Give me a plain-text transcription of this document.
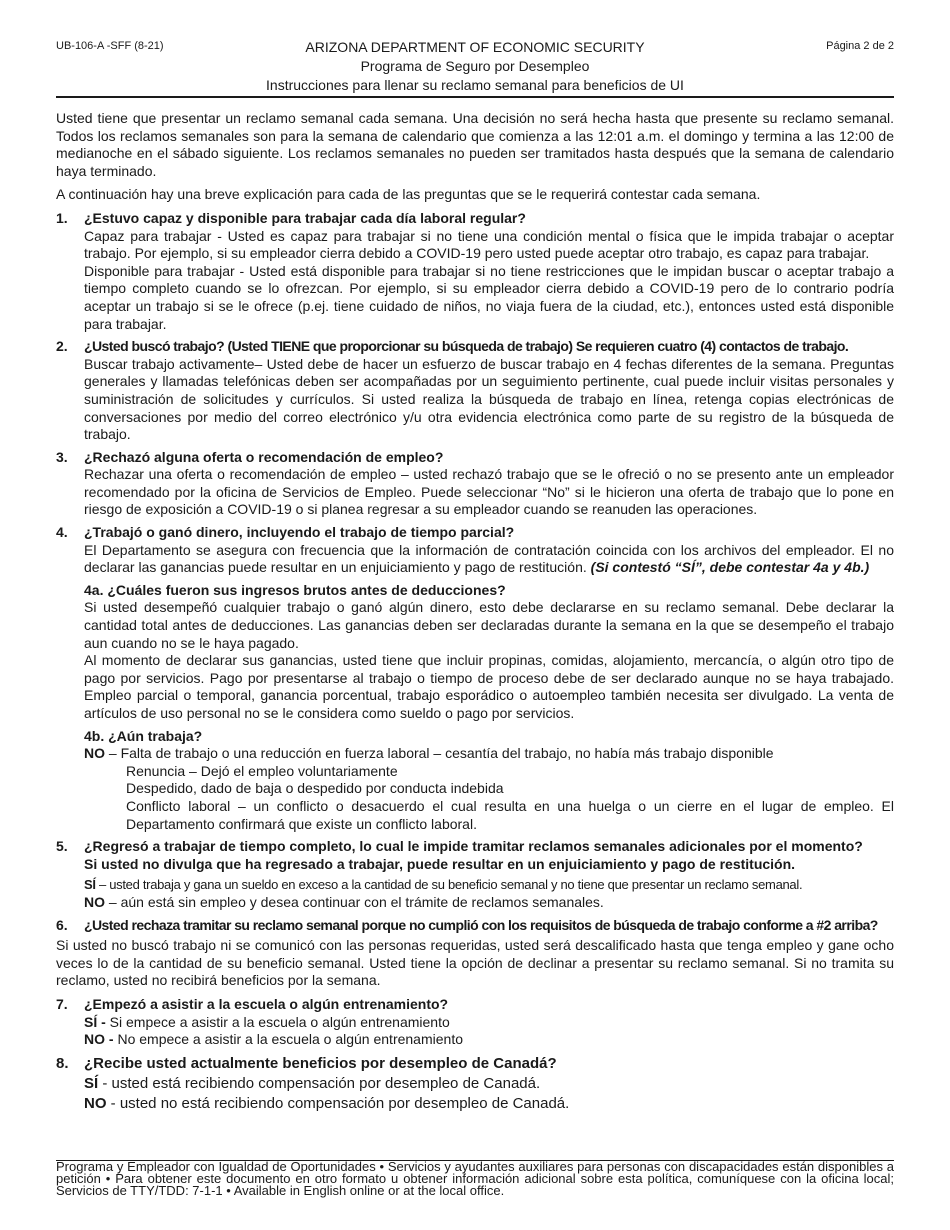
UB-106-A -SFF (8-21)	Página 2 de 2
ARIZONA DEPARTMENT OF ECONOMIC SECURITY
Programa de Seguro por Desempleo
Instrucciones para llenar su reclamo semanal para beneficios de UI

Usted tiene que presentar un reclamo semanal cada semana. Una decisión no será hecha hasta que presente su reclamo semanal. Todos los reclamos semanales son para la semana de calendario que comienza a las 12:01 a.m. el domingo y termina a las 12:00 de medianoche en el sábado siguiente. Los reclamos semanales no pueden ser tramitados hasta después que la semana de calendario haya terminado.

A continuación hay una breve explicación para cada de las preguntas que se le requerirá contestar cada semana.

1. ¿Estuvo capaz y disponible para trabajar cada día laboral regular?

Capaz para trabajar - Usted es capaz para trabajar si no tiene una condición mental o física que le impida trabajar o aceptar trabajo. Por ejemplo, si su empleador cierra debido a COVID-19 pero usted puede aceptar otro trabajo, es capaz para trabajar.

Disponible para trabajar - Usted está disponible para trabajar si no tiene restricciones que le impidan buscar o aceptar trabajo a tiempo completo cuando se lo ofrezcan. Por ejemplo, si su empleador cierra debido a COVID-19 pero de lo contrario podría aceptar un trabajo si se le ofrece (p.ej. tiene cuidado de niños, no viaja fuera de la ciudad, etc.), entonces usted está disponible para trabajar.

2. ¿Usted buscó trabajo? (Usted TIENE que proporcionar su búsqueda de trabajo) Se requieren cuatro (4) contactos de trabajo.

Buscar trabajo activamente– Usted debe de hacer un esfuerzo de buscar trabajo en 4 fechas diferentes de la semana. Preguntas generales y llamadas telefónicas deben ser acompañadas por un seguimiento pertinente, cual puede incluir visitas personales y suministración de solicitudes y currículos. Si usted realiza la búsqueda de trabajo en línea, retenga copias electrónicas de conversaciones por medio del correo electrónico y/u otra evidencia electrónica como parte de su registro de la búsqueda de trabajo.

3. ¿Rechazó alguna oferta o recomendación de empleo?

Rechazar una oferta o recomendación de empleo – usted rechazó trabajo que se le ofreció o no se presento ante un empleador recomendado por la oficina de Servicios de Empleo. Puede seleccionar “No” si le hicieron una oferta de trabajo que lo pone en riesgo de exposición a COVID-19 o si planea regresar a su empleador cuando se reanuden las operaciones.

4. ¿Trabajó o ganó dinero, incluyendo el trabajo de tiempo parcial?

El Departamento se asegura con frecuencia que la información de contratación coincida con los archivos del empleador. El no declarar las ganancias puede resultar en un enjuiciamiento y pago de restitución. (Si contestó “SÍ”, debe contestar 4a y 4b.)

4a. ¿Cuáles fueron sus ingresos brutos antes de deducciones?

Si usted desempeñó cualquier trabajo o ganó algún dinero, esto debe declararse en su reclamo semanal. Debe declarar la cantidad total antes de deducciones. Las ganancias deben ser declaradas durante la semana en la que se desempeño el trabajo aun cuando no se le haya pagado.

Al momento de declarar sus ganancias, usted tiene que incluir propinas, comidas, alojamiento, mercancía, o algún otro tipo de pago por servicios. Pago por presentarse al trabajo o tiempo de proceso debe de ser declarado aunque no se haya trabajado. Empleo parcial o temporal, ganancia porcentual, trabajo esporádico o autoempleo también necesita ser divulgado. La venta de artículos de uso personal no se le considera como sueldo o pago por servicios.

4b. ¿Aún trabaja?
NO – Falta de trabajo o una reducción en fuerza laboral – cesantía del trabajo, no había más trabajo disponible

Renuncia – Dejó el empleo voluntariamente

Despedido, dado de baja o despedido por conducta indebida

Conflicto laboral – un conflicto o desacuerdo el cual resulta en una huelga o un cierre en el lugar de empleo. El Departamento confirmará que existe un conflicto laboral.

5. ¿Regresó a trabajar de tiempo completo, lo cual le impide tramitar reclamos semanales adicionales por el momento?
Si usted no divulga que ha regresado a trabajar, puede resultar en un enjuiciamiento y pago de restitución.
SÍ – usted trabaja y gana un sueldo en exceso a la cantidad de su beneficio semanal y no tiene que presentar un reclamo semanal.
NO – aún está sin empleo y desea continuar con el trámite de reclamos semanales.
6. ¿Usted rechaza tramitar su reclamo semanal porque no cumplió con los requisitos de búsqueda de trabajo conforme a #2 arriba?

Si usted no buscó trabajo ni se comunicó con las personas requeridas, usted será descalificado hasta que tenga empleo y gane ocho veces lo de la cantidad de su beneficio semanal. Usted tiene la opción de declinar a presentar su reclamo semanal. Si no tramita su reclamo, usted no recibirá beneficios por la semana.

7. ¿Empezó a asistir a la escuela o algún entrenamiento?
SÍ - Si empece a asistir a la escuela o algún entrenamiento
NO - No empece a asistir a la escuela o algún entrenamiento
8. ¿Recibe usted actualmente beneficios por desempleo de Canadá?
SÍ - usted está recibiendo compensación por desempleo de Canadá.
NO - usted no está recibiendo compensación por desempleo de Canadá.
Programa y Empleador con Igualdad de Oportunidades • Servicios y ayudantes auxiliares para personas con discapacidades están disponibles a petición • Para obtener este documento en otro formato u obtener información adicional sobre esta política, comuníquese con la oficina local; Servicios de TTY/TDD: 7-1-1 • Available in English online or at the local office.
